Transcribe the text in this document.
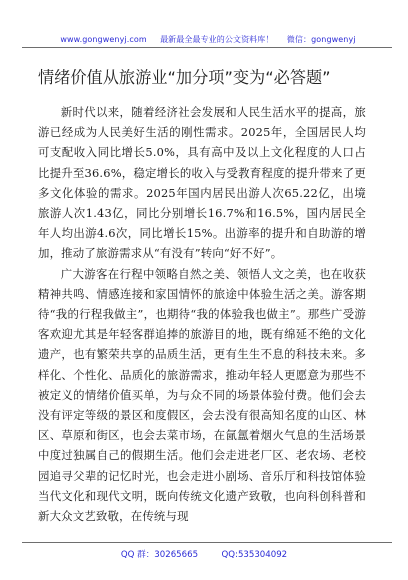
www.gongwenyj.com 最新最全最专业的公文资料库！ 微信：gongwenyj
情绪价值从旅游业“加分项”变为“必答题”

新时代以来，随着经济社会发展和人民生活水平的提高，旅游已经成为人民美好生活的刚性需求。2025年，全国居民人均可支配收入同比增长5.0%，具有高中及以上文化程度的人口占比提升至36.6%，稳定增长的收入与受教育程度的提升带来了更多文化体验的需求。2025年国内居民出游人次65.22亿，出境旅游人次1.43亿，同比分别增长16.7%和16.5%，国内居民全年人均出游4.6次，同比增长15%。出游率的提升和自助游的增加，推动了旅游需求从“有没有”转向“好不好”。

广大游客在行程中领略自然之美、领悟人文之美，也在收获精神共鸣、情感连接和家国情怀的旅途中体验生活之美。游客期待“我的行程我做主”，也期待“我的体验我也做主”。那些广受游客欢迎尤其是年轻客群追捧的旅游目的地，既有绵延不绝的文化遗产，也有繁荣共享的品质生活，更有生生不息的科技未来。多样化、个性化、品质化的旅游需求，推动年轻人更愿意为那些不被定义的情绪价值买单，为与众不同的场景体验付费。他们会去没有评定等级的景区和度假区，会去没有很高知名度的山区、林区、草原和街区，也会去菜市场，在氤氲着烟火气息的生活场景中度过独属自己的假期生活。他们会走进老厂区、老农场、老校园追寻父辈的记忆时光，也会走进小剧场、音乐厅和科技馆体验当代文化和现代文明，既向传统文化遗产致敬，也向科创科普和新大众文艺致敬，在传统与现

QQ 群：30265665	QQ:535304092
